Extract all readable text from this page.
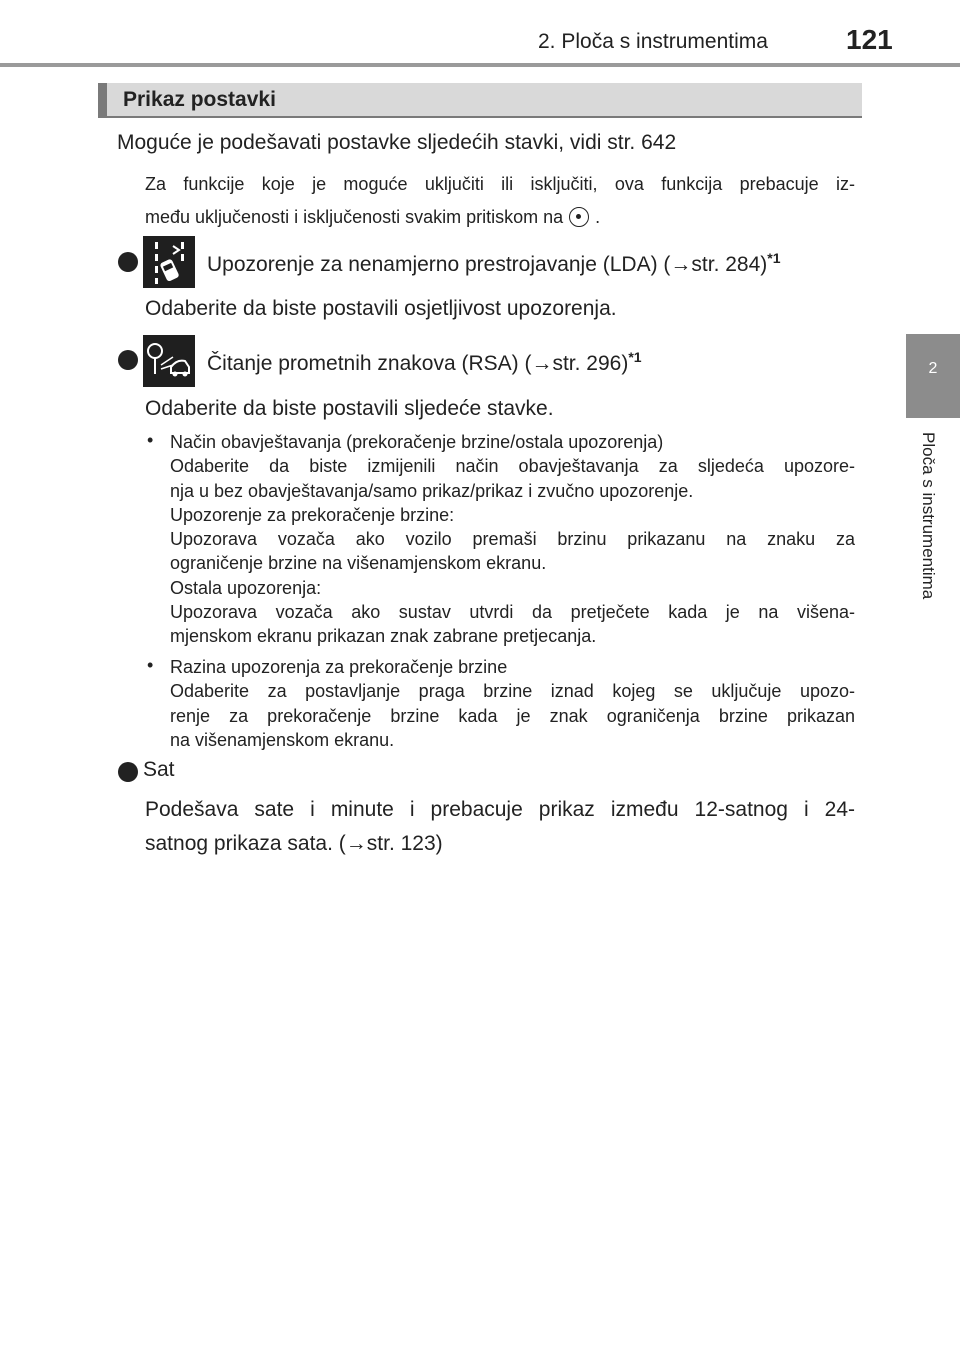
2. Ploča s instrumentima	121
2
Ploča s instrumentima
Prikaz postavki
Moguće je podešavati postavke sljedećih stavki, vidi str. 642
Za funkcije koje je moguće uključiti ili isključiti, ova funkcija prebacuje iz-
među uključenosti i isključenosti svakim pritiskom na .
Upozorenje za nenamjerno prestrojavanje (LDA) (→str. 284)$^{*1}$
Odaberite da biste postavili osjetljivost upozorenja.
Čitanje prometnih znakova (RSA) (→str. 296)$^{*1}$
Odaberite da biste postavili sljedeće stavke.
• Način obavještavanja (prekoračenje brzine/ostala upozorenja)
Odaberite da biste izmijenili način obavještavanja za sljedeća upozore-
nja u bez obavještavanja/samo prikaz/prikaz i zvučno upozorenje.
Upozorenje za prekoračenje brzine:
Upozorava vozača ako vozilo premaši brzinu prikazanu na znaku za
ograničenje brzine na višenamjenskom ekranu.
Ostala upozorenja:
Upozorava vozača ako sustav utvrdi da pretječete kada je na višena-
mjenskom ekranu prikazan znak zabrane pretjecanja.
• Razina upozorenja za prekoračenje brzine
Odaberite za postavljanje praga brzine iznad kojeg se uključuje upozo-
renje za prekoračenje brzine kada je znak ograničenja brzine prikazan
na višenamjenskom ekranu.
Sat
Podešava sate i minute i prebacuje prikaz između 12-satnog i 24-
satnog prikaza sata. (→str. 123)
